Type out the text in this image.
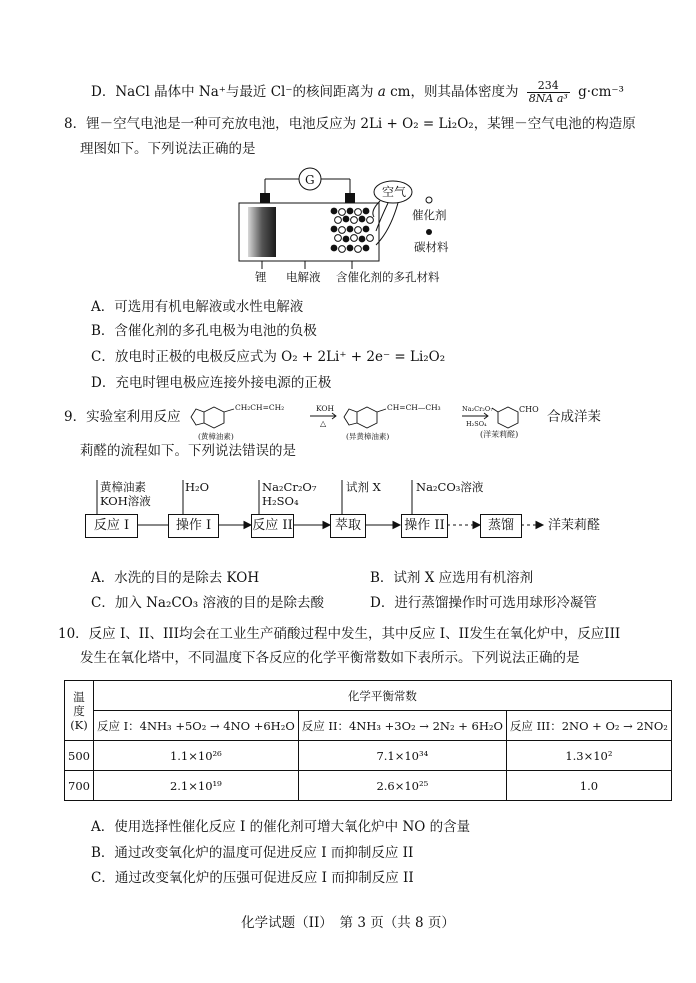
D．NaCl 晶体中 Na⁺与最近 Cl⁻的核间距离为 a cm，则其晶体密度为 $\frac{234}{\text{8NA a³}} g\cdot cm^{-3}$
8．锂－空气电池是一种可充放电池，电池反应为 2Li + O₂ = Li₂O₂，某锂－空气电池的构造原
理图如下。下列说法正确的是
G
空气
催化剂
碳材料
锂 电解液 含催化剂的多孔材料
A．可选用有机电解液或水性电解液
B．含催化剂的多孔电极为电池的负极
C．放电时正极的电极反应式为 O₂ + 2Li⁺ + 2e⁻ = Li₂O₂
D．充电时锂电极应连接外接电源的正极
9．实验室利用反应
CH₂CH=CH₂	KOH
△
CH=CH—CH₃	Na₂Cr₂O₇
H₂SO₄
(黄樟油素)	(异黄樟油素)
CHO
(洋茉莉醛)
合成洋茉
莉醛的流程如下。下列说法错误的是
黄樟油素
KOH溶液
H₂O	Na₂Cr₂O₇
H₂SO₄
试剂 X	Na₂CO₃溶液
反应 I	操作 I	反应 II	萃取	操作 II	蒸馏	洋茉莉醛
A．水洗的目的是除去 KOH	B．试剂 X 应选用有机溶剂
C．加入 Na₂CO₃ 溶液的目的是除去酸	D．进行蒸馏操作时可选用球形冷凝管
10．反应 I、II、III均会在工业生产硝酸过程中发生，其中反应 I、II发生在氧化炉中，反应III
发生在氧化塔中，不同温度下各反应的化学平衡常数如下表所示。下列说法正确的是
温
度
(K)	化学平衡常数		
	反应 I：4NH₃ +5O₂ → 4NO +6H₂O	反应 II：4NH₃ +3O₂ → 2N₂ + 6H₂O	反应 III：2NO + O₂ → 2NO₂
500	1.1×10²⁶	7.1×10³⁴	1.3×10²
700	2.1×10¹⁹	2.6×10²⁵	1.0
A．使用选择性催化反应 I 的催化剂可增大氧化炉中 NO 的含量
B．通过改变氧化炉的温度可促进反应 I 而抑制反应 II
C．通过改变氧化炉的压强可促进反应 I 而抑制反应 II
化学试题（II）　第 3 页（共 8 页）
